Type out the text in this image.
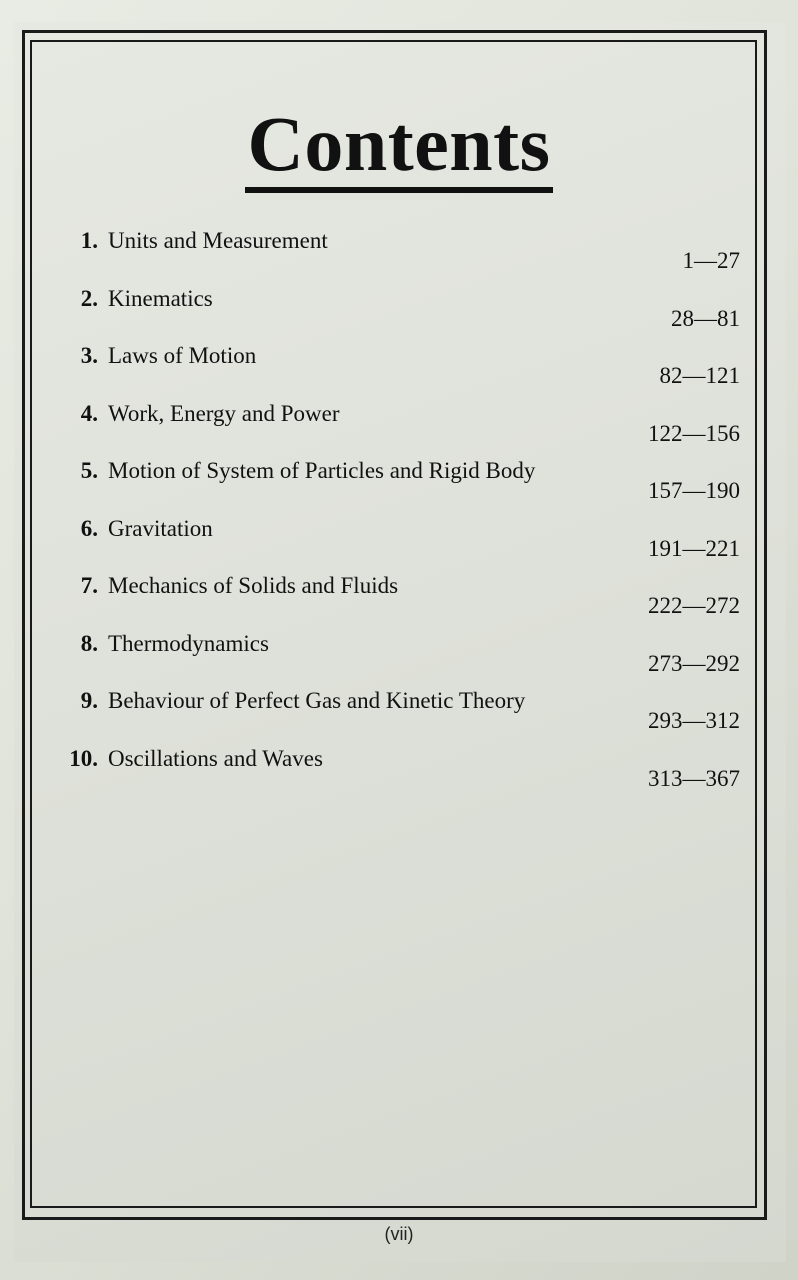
Contents
1. Units and Measurement
1—27
2. Kinematics
28—81
3. Laws of Motion
82—121
4. Work, Energy and Power
122—156
5. Motion of System of Particles and Rigid Body
157—190
6. Gravitation
191—221
7. Mechanics of Solids and Fluids
222—272
8. Thermodynamics
273—292
9. Behaviour of Perfect Gas and Kinetic Theory
293—312
10. Oscillations and Waves
313—367
(vii)
